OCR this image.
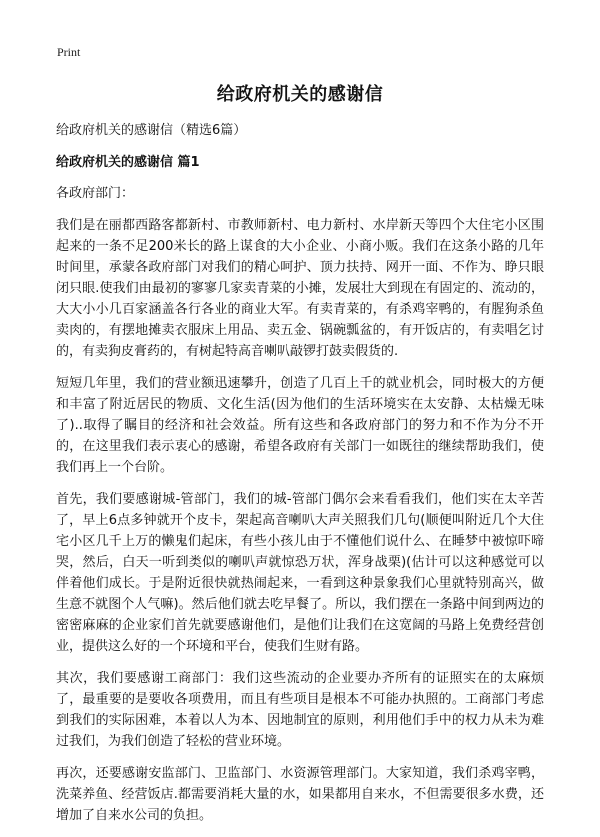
Print
给政府机关的感谢信

给政府机关的感谢信（精选6篇）

给政府机关的感谢信 篇1

各政府部门：

我们是在丽都西路客都新村、市教师新村、电力新村、水岸新天等四个大住宅小区围起来的一条不足200米长的路上谋食的大小企业、小商小贩。我们在这条小路的几年时间里，承蒙各政府部门对我们的精心呵护、顶力扶持、网开一面、不作为、睁只眼闭只眼.使我们由最初的寥寥几家卖青菜的小摊，发展壮大到现在有固定的、流动的，大大小小几百家涵盖各行各业的商业大军。有卖青菜的，有杀鸡宰鸭的，有腥狗杀鱼卖肉的，有摆地摊卖衣服床上用品、卖五金、锅碗瓢盆的，有开饭店的，有卖唱乞讨的，有卖狗皮膏药的，有树起特高音喇叭敲锣打鼓卖假货的.

短短几年里，我们的营业额迅速攀升，创造了几百上千的就业机会，同时极大的方便和丰富了附近居民的物质、文化生活(因为他们的生活环境实在太安静、太枯燥无味了)..取得了瞩目的经济和社会效益。所有这些和各政府部门的努力和不作为分不开的，在这里我们表示衷心的感谢，希望各政府有关部门一如既往的继续帮助我们，使我们再上一个台阶。

首先，我们要感谢城-管部门，我们的城-管部门偶尔会来看看我们，他们实在太辛苦了，早上6点多钟就开个皮卡，架起高音喇叭大声关照我们几句(顺便叫附近几个大住宅小区几千上万的懒鬼们起床，有些小孩儿由于不懂他们说什么、在睡梦中被惊吓啼哭，然后，白天一听到类似的喇叭声就惊恐万状，浑身战栗)(估计可以这种感觉可以伴着他们成长。于是附近很快就热闹起来，一看到这种景象我们心里就特别高兴，做生意不就图个人气嘛)。然后他们就去吃早餐了。所以，我们摆在一条路中间到两边的密密麻麻的企业家们首先就要感谢他们，是他们让我们在这宽阔的马路上免费经营创业，提供这么好的一个环境和平台，使我们生财有路。

其次，我们要感谢工商部门：我们这些流动的企业要办齐所有的证照实在的太麻烦了，最重要的是要收各项费用，而且有些项目是根本不可能办执照的。工商部门考虑到我们的实际困难，本着以人为本、因地制宜的原则，利用他们手中的权力从未为难过我们，为我们创造了轻松的营业环境。

再次，还要感谢安监部门、卫监部门、水资源管理部门。大家知道，我们杀鸡宰鸭，洗菜养鱼、经营饭店.都需要消耗大量的水，如果都用自来水，不但需要很多水费，还增加了自来水公司的负担。
